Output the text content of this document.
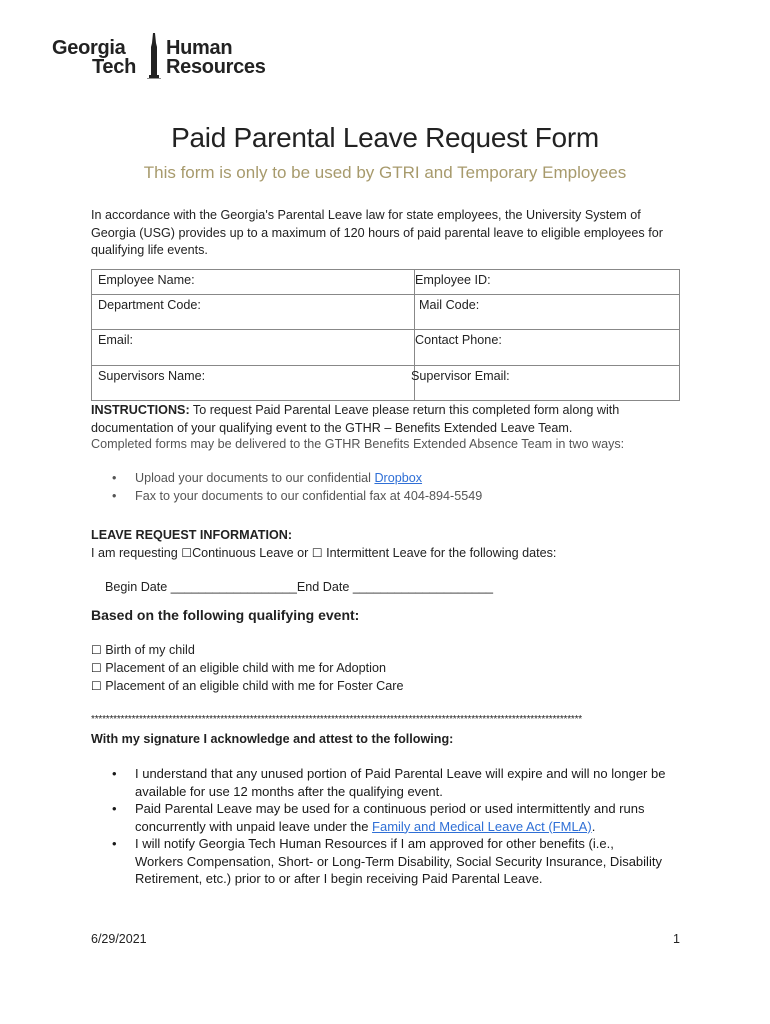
Georgia
Tech
Human
Resources
Paid Parental Leave Request Form
This form is only to be used by GTRI and Temporary Employees
In accordance with the Georgia's Parental Leave law for state employees, the University System of Georgia (USG) provides up to a maximum of 120 hours of paid parental leave to eligible employees for qualifying life events.
Employee Name:	Employee ID:
Department Code:	Mail Code:
Email:	Contact Phone:
Supervisors Name:	Supervisor Email:
INSTRUCTIONS: To request Paid Parental Leave please return this completed form along with documentation of your qualifying event to the GTHR – Benefits Extended Leave Team.
Completed forms may be delivered to the GTHR Benefits Extended Absence Team in two ways:
• Upload your documents to our confidential Dropbox
• Fax to your documents to our confidential fax at 404-894-5549
LEAVE REQUEST INFORMATION:
I am requesting ☐Continuous Leave or ☐ Intermittent Leave for the following dates:
Begin Date __________________End Date ____________________
Based on the following qualifying event:
☐ Birth of my child
☐ Placement of an eligible child with me for Adoption
☐ Placement of an eligible child with me for Foster Care
*************************************************************************************************************************************
With my signature I acknowledge and attest to the following:
• I understand that any unused portion of Paid Parental Leave will expire and will no longer be available for use 12 months after the qualifying event.
• Paid Parental Leave may be used for a continuous period or used intermittently and runs concurrently with unpaid leave under the Family and Medical Leave Act (FMLA).
• I will notify Georgia Tech Human Resources if I am approved for other benefits (i.e., Workers Compensation, Short- or Long-Term Disability, Social Security Insurance, Disability Retirement, etc.) prior to or after I begin receiving Paid Parental Leave.
6/29/2021	1
